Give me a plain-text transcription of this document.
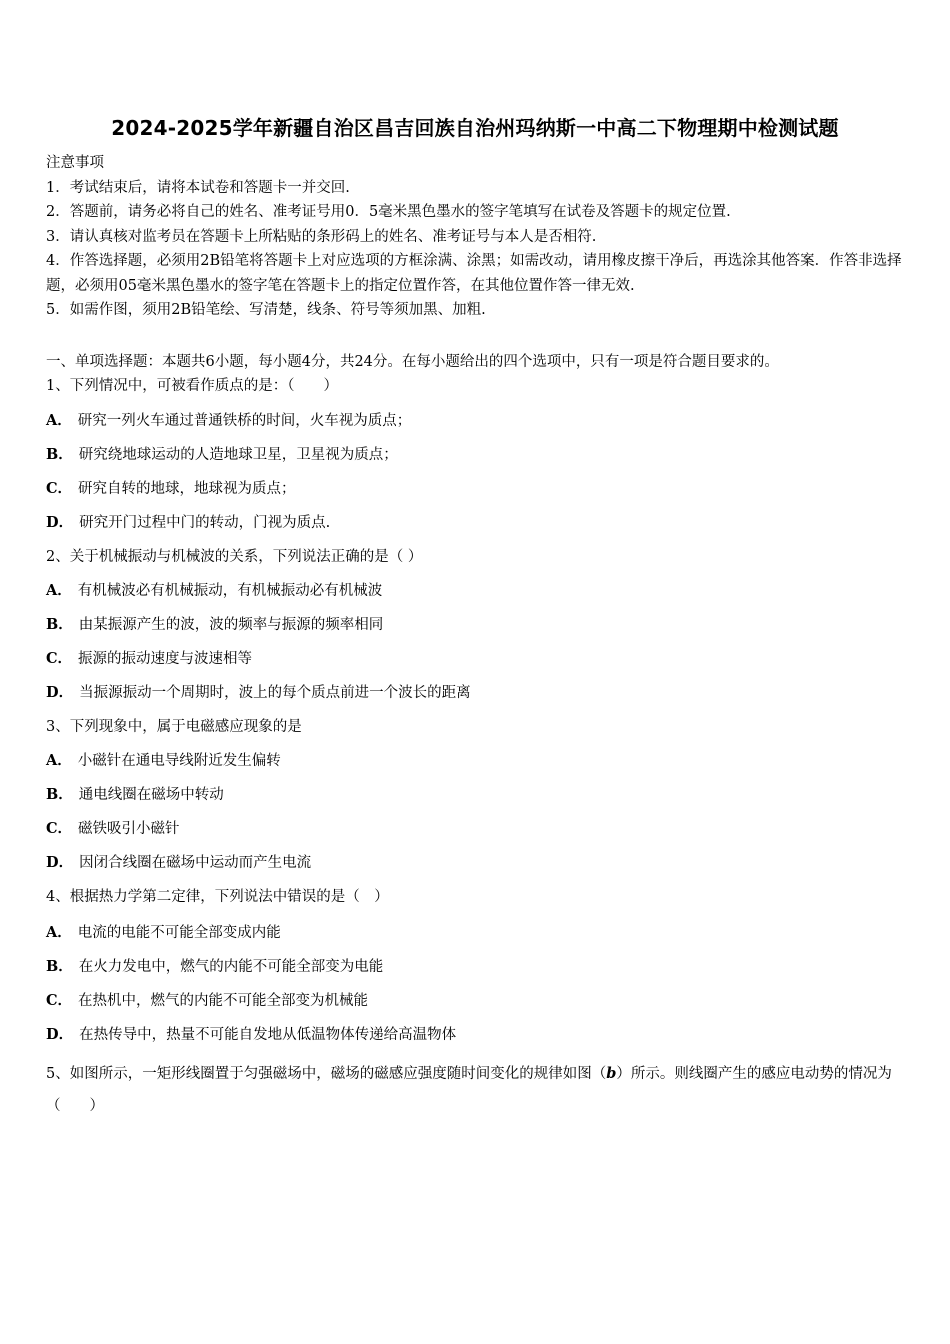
2024-2025学年新疆自治区昌吉回族自治州玛纳斯一中高二下物理期中检测试题
注意事项
1．考试结束后，请将本试卷和答题卡一并交回.
2．答题前，请务必将自己的姓名、准考证号用0．5毫米黑色墨水的签字笔填写在试卷及答题卡的规定位置.
3．请认真核对监考员在答题卡上所粘贴的条形码上的姓名、准考证号与本人是否相符.
4．作答选择题，必须用2B铅笔将答题卡上对应选项的方框涂满、涂黑；如需改动，请用橡皮擦干净后，再选涂其他答案．作答非选择题，必须用05毫米黑色墨水的签字笔在答题卡上的指定位置作答，在其他位置作答一律无效.
5．如需作图，须用2B铅笔绘、写清楚，线条、符号等须加黑、加粗.
一、单项选择题：本题共6小题，每小题4分，共24分。在每小题给出的四个选项中，只有一项是符合题目要求的。
1、下列情况中，可被看作质点的是：（　　）
A． 研究一列火车通过普通铁桥的时间，火车视为质点；
B． 研究绕地球运动的人造地球卫星，卫星视为质点；
C． 研究自转的地球，地球视为质点；
D． 研究开门过程中门的转动，门视为质点.
2、关于机械振动与机械波的关系，下列说法正确的是（ ）
A． 有机械波必有机械振动，有机械振动必有机械波
B． 由某振源产生的波，波的频率与振源的频率相同
C． 振源的振动速度与波速相等
D． 当振源振动一个周期时，波上的每个质点前进一个波长的距离
3、下列现象中，属于电磁感应现象的是
A． 小磁针在通电导线附近发生偏转
B． 通电线圈在磁场中转动
C． 磁铁吸引小磁针
D． 因闭合线圈在磁场中运动而产生电流
4、根据热力学第二定律，下列说法中错误的是（　）
A． 电流的电能不可能全部变成内能
B． 在火力发电中，燃气的内能不可能全部变为电能
C． 在热机中，燃气的内能不可能全部变为机械能
D． 在热传导中，热量不可能自发地从低温物体传递给高温物体
5、如图所示，一矩形线圈置于匀强磁场中，磁场的磁感应强度随时间变化的规律如图（b）所示。则线圈产生的感应电动势的情况为（　　）
